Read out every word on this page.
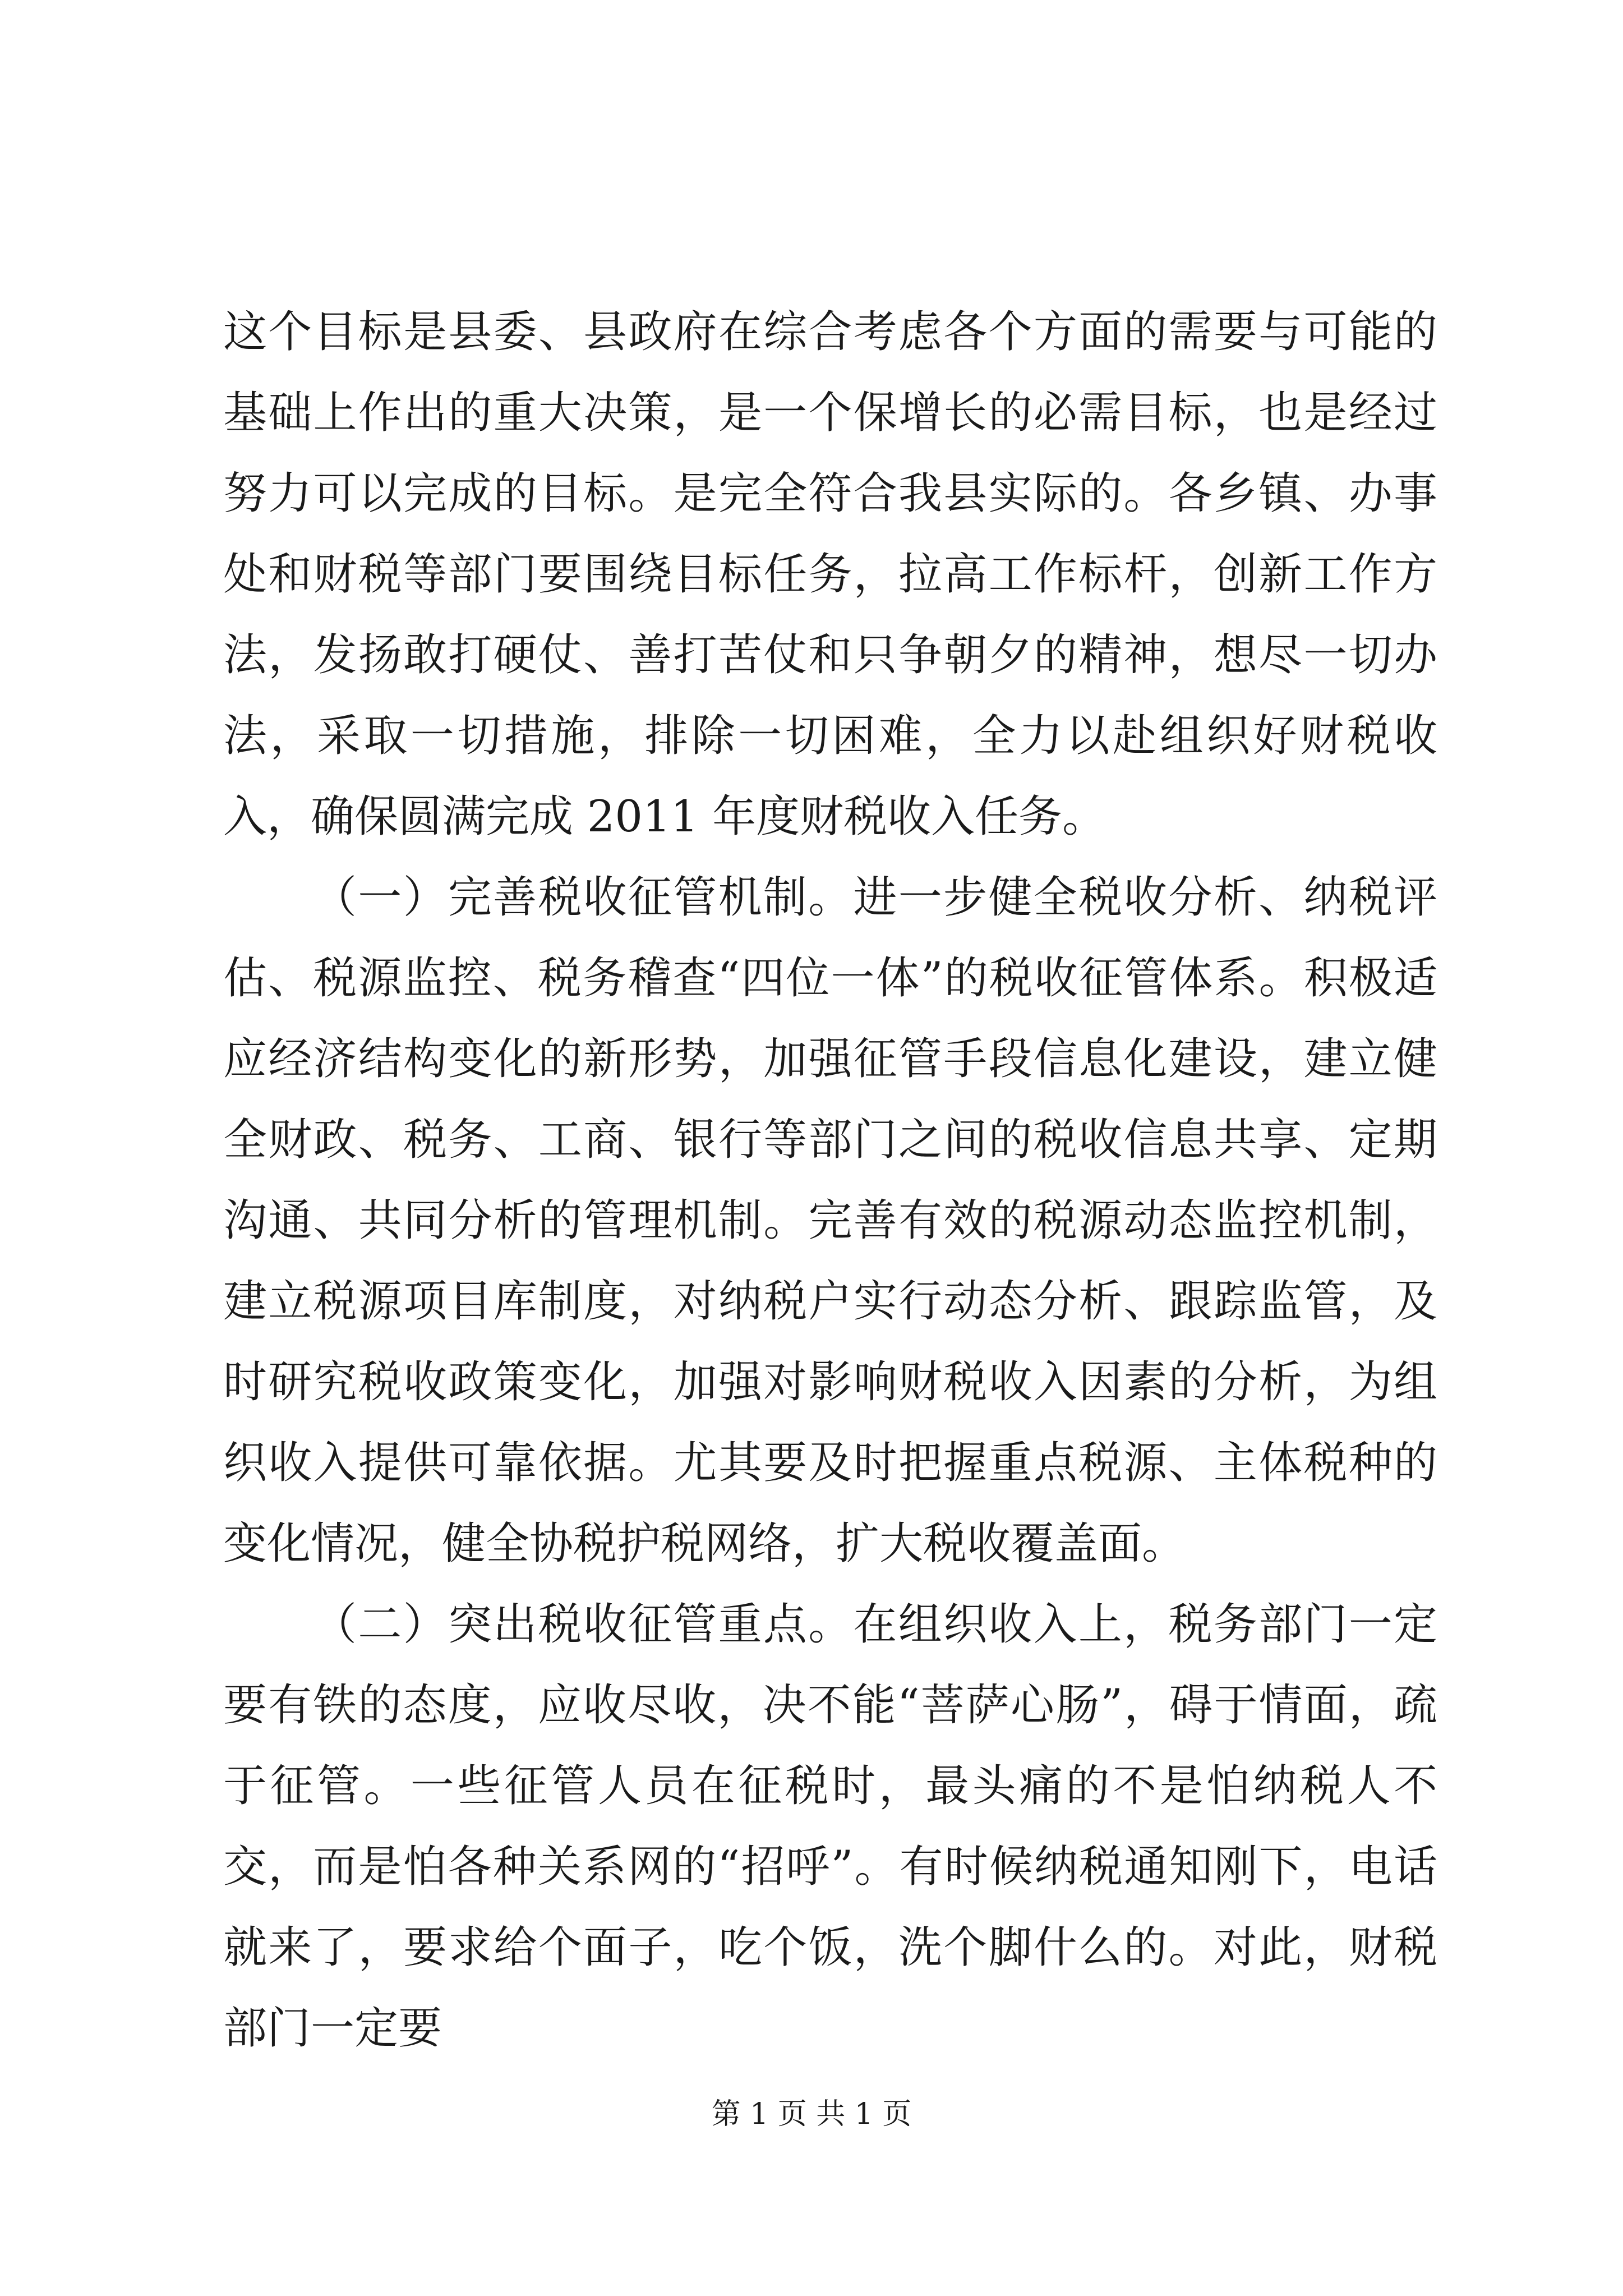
这个目标是县委、县政府在综合考虑各个方面的需要与可能的基础上作出的重大决策，是一个保增长的必需目标，也是经过努力可以完成的目标。是完全符合我县实际的。各乡镇、办事处和财税等部门要围绕目标任务，拉高工作标杆，创新工作方法，发扬敢打硬仗、善打苦仗和只争朝夕的精神，想尽一切办法，采取一切措施，排除一切困难，全力以赴组织好财税收入，确保圆满完成 2011 年度财税收入任务。

（一）完善税收征管机制。进一步健全税收分析、纳税评估、税源监控、税务稽查“四位一体”的税收征管体系。积极适应经济结构变化的新形势，加强征管手段信息化建设，建立健全财政、税务、工商、银行等部门之间的税收信息共享、定期沟通、共同分析的管理机制。完善有效的税源动态监控机制，建立税源项目库制度，对纳税户实行动态分析、跟踪监管，及时研究税收政策变化，加强对影响财税收入因素的分析，为组织收入提供可靠依据。尤其要及时把握重点税源、主体税种的变化情况，健全协税护税网络，扩大税收覆盖面。

（二）突出税收征管重点。在组织收入上，税务部门一定要有铁的态度，应收尽收，决不能“菩萨心肠”，碍于情面，疏于征管。一些征管人员在征税时，最头痛的不是怕纳税人不交，而是怕各种关系网的“招呼”。有时候纳税通知刚下，电话就来了，要求给个面子，吃个饭，洗个脚什么的。对此，财税部门一定要

第 1 页 共 1 页
